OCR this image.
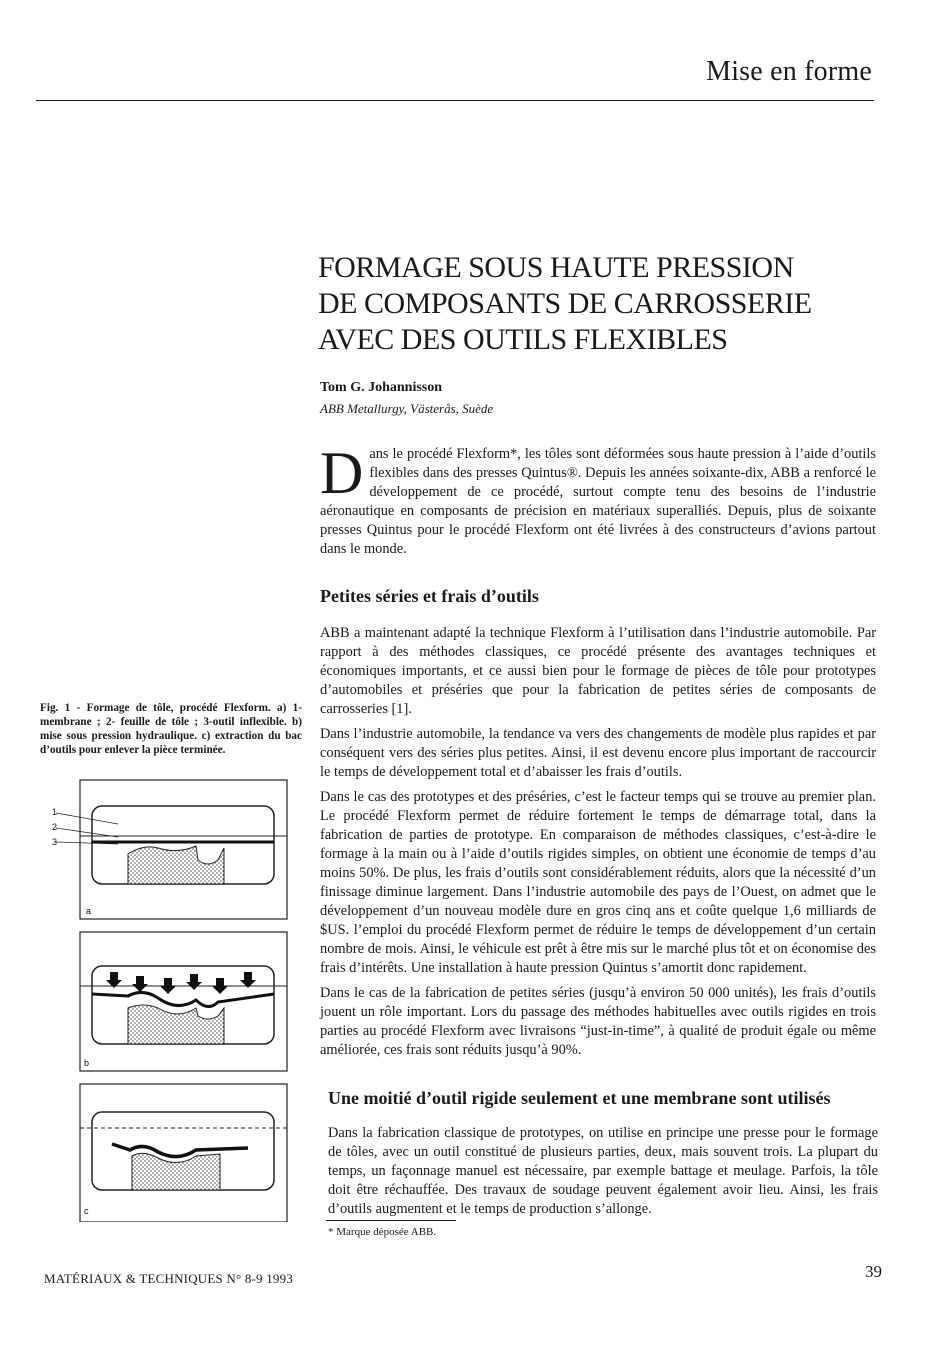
Mise en forme
FORMAGE SOUS HAUTE PRESSION
DE COMPOSANTS DE CARROSSERIE
AVEC DES OUTILS FLEXIBLES
Tom G. Johannisson
ABB Metallurgy, Västerås, Suède
D ans le procédé Flexform*, les tôles sont déformées sous haute pression à l’aide d’outils flexibles dans des presses Quintus®. Depuis les années soixante-dix, ABB a renforcé le développement de ce procédé, surtout compte tenu des besoins de l’industrie aéronautique en composants de précision en matériaux superalliés. Depuis, plus de soixante presses Quintus pour le procédé Flexform ont été livrées à des constructeurs d’avions partout dans le monde.
Petites séries et frais d’outils

ABB a maintenant adapté la technique Flexform à l’utilisation dans l’industrie automobile. Par rapport à des méthodes classiques, ce procédé présente des avantages techniques et économiques importants, et ce aussi bien pour le formage de pièces de tôle pour prototypes d’automobiles et préséries que pour la fabrication de petites séries de composants de carrosseries [1].

Dans l’industrie automobile, la tendance va vers des changements de modèle plus rapides et par conséquent vers des séries plus petites. Ainsi, il est devenu encore plus important de raccourcir le temps de développement total et d’abaisser les frais d’outils.

Dans le cas des prototypes et des préséries, c’est le facteur temps qui se trouve au premier plan. Le procédé Flexform permet de réduire fortement le temps de démarrage total, dans la fabrication de parties de prototype. En comparaison de méthodes classiques, c’est-à-dire le formage à la main ou à l’aide d’outils rigides simples, on obtient une économie de temps d’au moins 50%. De plus, les frais d’outils sont considérablement réduits, alors que la nécessité d’un finissage diminue largement. Dans l’industrie automobile des pays de l’Ouest, on admet que le développement d’un nouveau modèle dure en gros cinq ans et coûte quelque 1,6 milliards de $US. l’emploi du procédé Flexform permet de réduire le temps de développement d’un certain nombre de mois. Ainsi, le véhicule est prêt à être mis sur le marché plus tôt et on économise des frais d’intérêts. Une installation à haute pression Quintus s’amortit donc rapidement.

Dans le cas de la fabrication de petites séries (jusqu’à environ 50 000 unités), les frais d’outils jouent un rôle important. Lors du passage des méthodes habituelles avec outils rigides en trois parties au procédé Flexform avec livraisons “just-in-time”, à qualité de produit égale ou même améliorée, ces frais sont réduits jusqu’à 90%.

Une moitié d’outil rigide seulement et une membrane sont utilisés

Dans la fabrication classique de prototypes, on utilise en principe une presse pour le formage de tôles, avec un outil constitué de plusieurs parties, deux, mais souvent trois. La plupart du temps, un façonnage manuel est nécessaire, par exemple battage et meulage. Parfois, la tôle doit être réchauffée. Des travaux de soudage peuvent également avoir lieu. Ainsi, les frais d’outils augmentent et le temps de production s’allonge.

* Marque déposée ABB.
Fig. 1 - Formage de tôle, procédé Flexform. a) 1-membrane ; 2- feuille de tôle ; 3-outil inflexible. b) mise sous pression hydraulique. c) extraction du bac d’outils pour enlever la pièce terminée.
1
2
3
a
b
c
MATÉRIAUX & TECHNIQUES N° 8-9 1993	39
